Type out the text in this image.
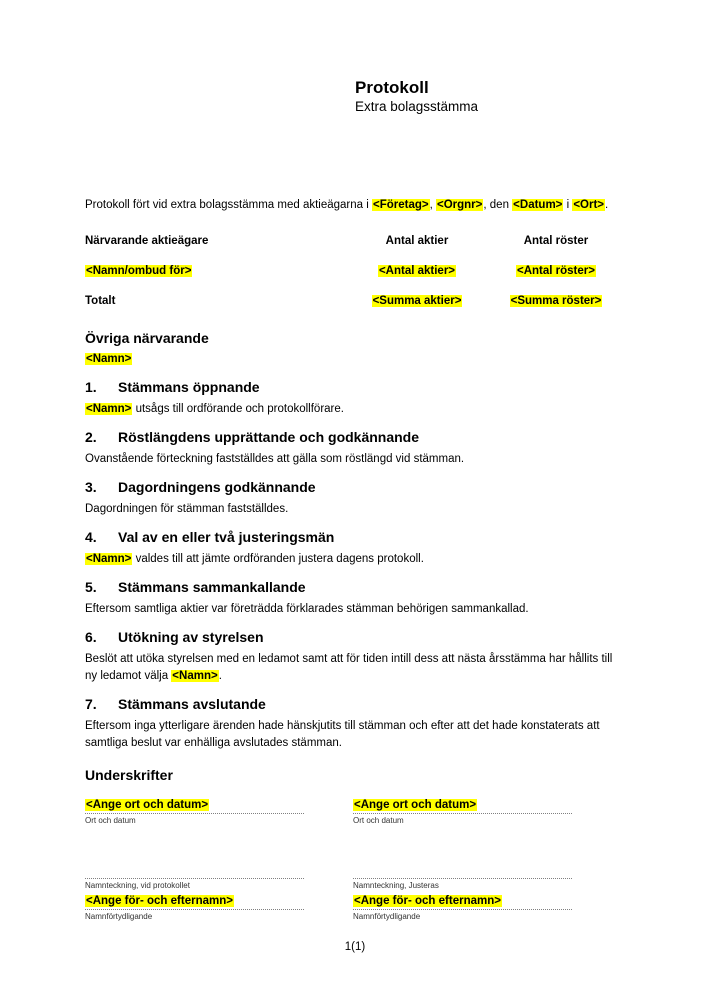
Protokoll
Extra bolagsstämma

Protokoll fört vid extra bolagsstämma med aktieägarna i <Företag>, <Orgnr>, den <Datum> i <Ort>.

Närvarande aktieägare	Antal aktier	Antal röster
<Namn/ombud för>	<Antal aktier>	<Antal röster>
Totalt	<Summa aktier>	<Summa röster>
Övriga närvarande
<Namn>
1.	Stämmans öppnande
<Namn> utsågs till ordförande och protokollförare.
2.	Röstlängdens upprättande och godkännande
Ovanstående förteckning fastställdes att gälla som röstlängd vid stämman.
3.	Dagordningens godkännande
Dagordningen för stämman fastställdes.
4.	Val av en eller två justeringsmän
<Namn> valdes till att jämte ordföranden justera dagens protokoll.
5.	Stämmans sammankallande
Eftersom samtliga aktier var företrädda förklarades stämman behörigen sammankallad.
6.	Utökning av styrelsen
Beslöt att utöka styrelsen med en ledamot samt att för tiden intill dess att nästa årsstämma har hållits till ny ledamot välja <Namn>.
7.	Stämmans avslutande
Eftersom inga ytterligare ärenden hade hänskjutits till stämman och efter att det hade konstaterats att samtliga beslut var enhälliga avslutades stämman.
Underskrifter
<Ange ort och datum>
Ort och datum
<Ange ort och datum>
Ort och datum
Namnteckning, vid protokollet
<Ange för- och efternamn>
Namnförtydligande
Namnteckning, Justeras
<Ange för- och efternamn>
Namnförtydligande
1(1)
